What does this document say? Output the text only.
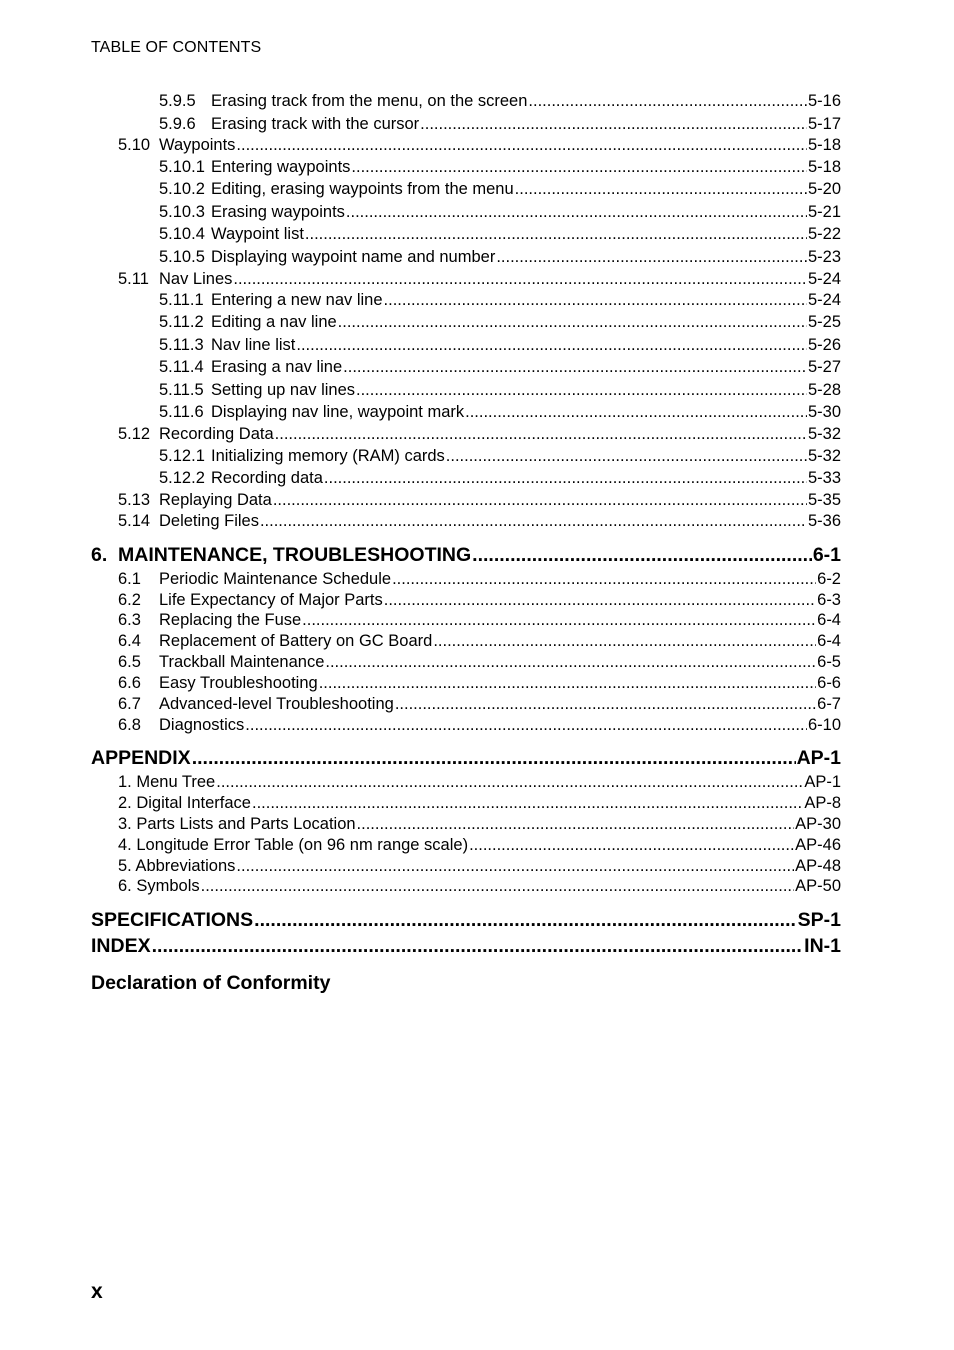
TABLE OF CONTENTS
5.9.5 Erasing track from the menu, on the screen .....	5-16
5.9.6 Erasing track with the cursor .....	5-17
5.10 Waypoints .....	5-18
5.10.1 Entering waypoints .....	5-18
5.10.2 Editing, erasing waypoints from the menu .....	5-20
5.10.3 Erasing waypoints .....	5-21
5.10.4 Waypoint list .....	5-22
5.10.5 Displaying waypoint name and number .....	5-23
5.11 Nav Lines .....	5-24
5.11.1 Entering a new nav line .....	5-24
5.11.2 Editing a nav line .....	5-25
5.11.3 Nav line list .....	5-26
5.11.4 Erasing a nav line .....	5-27
5.11.5 Setting up nav lines .....	5-28
5.11.6 Displaying nav line, waypoint mark .....	5-30
5.12 Recording Data .....	5-32
5.12.1 Initializing memory (RAM) cards .....	5-32
5.12.2 Recording data .....	5-33
5.13 Replaying Data .....	5-35
5.14 Deleting Files .....	5-36
6. MAINTENANCE, TROUBLESHOOTING .....	6-1
6.1	Periodic Maintenance Schedule .....	6-2
6.2	Life Expectancy of Major Parts .....	6-3
6.3	Replacing the Fuse .....	6-4
6.4	Replacement of Battery on GC Board .....	6-4
6.5	Trackball Maintenance .....	6-5
6.6	Easy Troubleshooting .....	6-6
6.7	Advanced-level Troubleshooting .....	6-7
6.8	Diagnostics .....	6-10
APPENDIX .....	AP-1
1. Menu Tree .....	AP-1
2. Digital Interface .....	AP-8
3. Parts Lists and Parts Location .....	AP-30
4. Longitude Error Table (on 96 nm range scale) .....	AP-46
5. Abbreviations .....	AP-48
6. Symbols .....	AP-50
SPECIFICATIONS .....	SP-1
INDEX .....	IN-1
Declaration of Conformity
x
